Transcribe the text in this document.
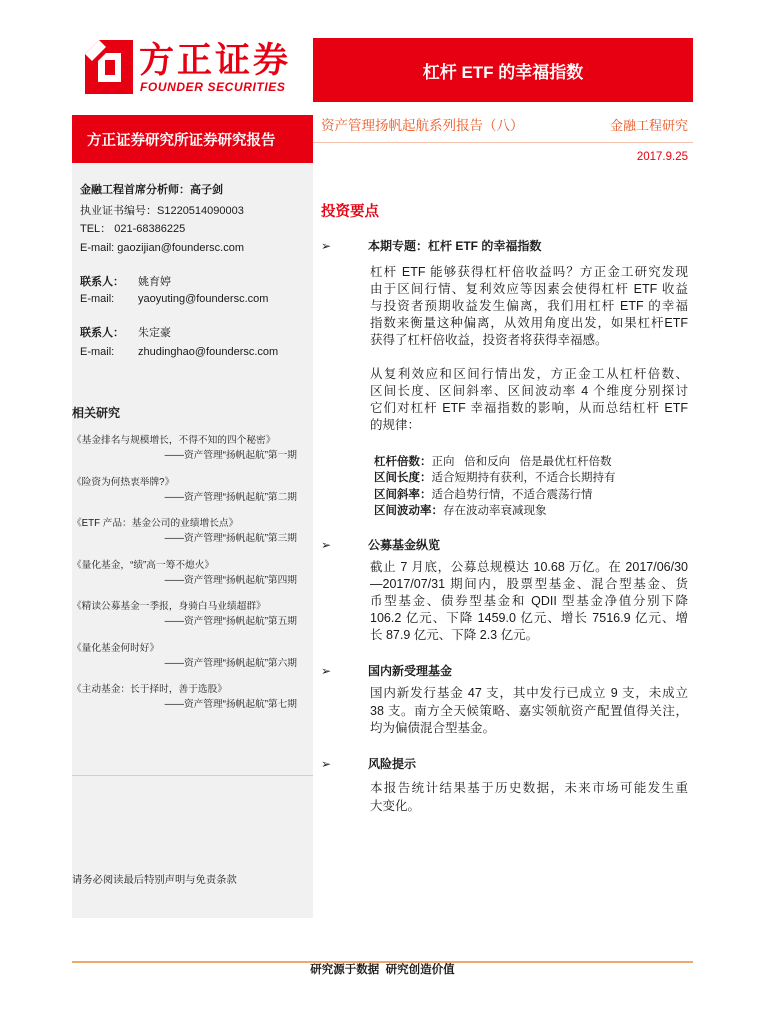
方正证券
FOUNDER SECURITIES
杠杆 ETF 的幸福指数
方正证券研究所证券研究报告
资产管理扬帆起航系列报告（八）	金融工程研究
2017.9.25
金融工程首席分析师：高子剑
执业证书编号：S1220514090003
TEL： 021-68386225
E-mail: gaozijian@foundersc.com
联系人： 姚育婷
E-mail: yaoyuting@foundersc.com
联系人： 朱定豪
E-mail: zhudinghao@foundersc.com
相关研究
《基金排名与规模增长，不得不知的四个秘密》
——资产管理“扬帆起航”第一期
《险资为何热衷举牌?》
——资产管理“扬帆起航”第二期
《ETF 产品：基金公司的业绩增长点》
——资产管理“扬帆起航”第三期
《量化基金，“绩”高一筹不熄火》
——资产管理“扬帆起航”第四期
《精读公募基金一季报，身骑白马业绩超群》
——资产管理“扬帆起航”第五期
《量化基金何时好》
——资产管理“扬帆起航”第六期
《主动基金：长于择时，善于选股》
——资产管理“扬帆起航”第七期
请务必阅读最后特别声明与免责条款
投资要点
➢	本期专题：杠杆 ETF 的幸福指数
杠杆 ETF 能够获得杠杆倍收益吗？方正金工研究发现
由于区间行情、复利效应等因素会使得杠杆 ETF 收益
与投资者预期收益发生偏离，我们用杠杆 ETF 的幸福
指数来衡量这种偏离，从效用角度出发，如果杠杆ETF
获得了杠杆倍收益，投资者将获得幸福感。
从复利效应和区间行情出发，方正金工从杠杆倍数、
区间长度、区间斜率、区间波动率 4 个维度分别探讨
它们对杠杆 ETF 幸福指数的影响，从而总结杠杆 ETF
的规律：
杠杆倍数：正向   倍和反向   倍是最优杠杆倍数
区间长度：适合短期持有获利，不适合长期持有
区间斜率：适合趋势行情，不适合震荡行情
区间波动率：存在波动率衰减现象
➢	公募基金纵览
截止 7 月底，公募总规模达 10.68 万亿。在 2017/06/30
—2017/07/31 期间内，股票型基金、混合型基金、货
币型基金、债券型基金和 QDII 型基金净值分别下降
106.2 亿元、下降 1459.0 亿元、增长 7516.9 亿元、增
长 87.9 亿元、下降 2.3 亿元。
➢	国内新受理基金
国内新发行基金 47 支，其中发行已成立 9 支，未成立
38 支。南方全天候策略、嘉实领航资产配置值得关注，
均为偏债混合型基金。
➢	风险提示
本报告统计结果基于历史数据，未来市场可能发生重
大变化。
研究源于数据  研究创造价值
